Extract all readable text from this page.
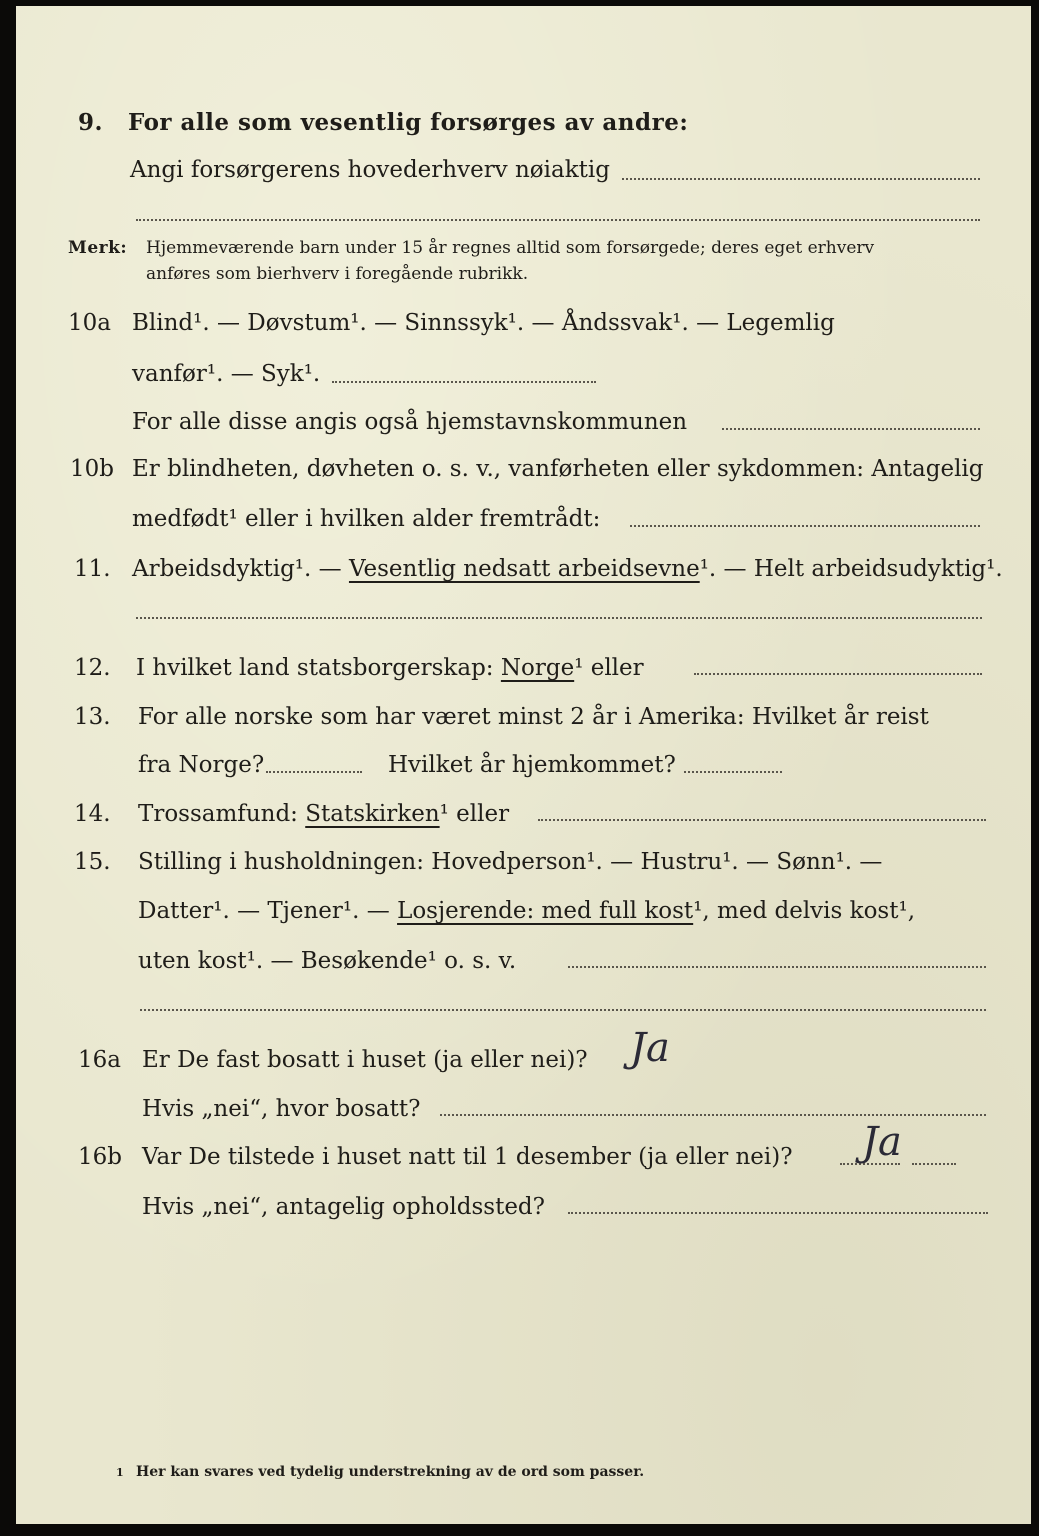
9. For alle som vesentlig forsørges av andre:
Angi forsørgerens hovederhverv nøiaktig
Merk: Hjemmeværende barn under 15 år regnes alltid som forsørgede; deres eget erhverv
anføres som bierhverv i foregående rubrikk.
10a Blind¹. — Døvstum¹. — Sinnssyk¹. — Åndssvak¹. — Legemlig
vanfør¹. — Syk¹.
For alle disse angis også hjemstavnskommunen
10b Er blindheten, døvheten o. s. v., vanførheten eller sykdommen: Antagelig
medfødt¹ eller i hvilken alder fremtrådt:
11. Arbeidsdyktig¹. — Vesentlig nedsatt arbeidsevne¹. — Helt arbeidsudyktig¹.
12. I hvilket land statsborgerskap: Norge¹ eller
13. For alle norske som har været minst 2 år i Amerika: Hvilket år reist
fra Norge?	Hvilket år hjemkommet?
14. Trossamfund: Statskirken¹ eller
15. Stilling i husholdningen: Hovedperson¹. — Hustru¹. — Sønn¹. —
Datter¹. — Tjener¹. — Losjerende: med full kost¹, med delvis kost¹,
uten kost¹. — Besøkende¹ o. s. v.
16a Er De fast bosatt i huset (ja eller nei)? Ja
Hvis „nei“, hvor bosatt?
16b Var De tilstede i huset natt til 1 desember (ja eller nei)? Ja
Hvis „nei“, antagelig opholdssted?
1 Her kan svares ved tydelig understrekning av de ord som passer.
